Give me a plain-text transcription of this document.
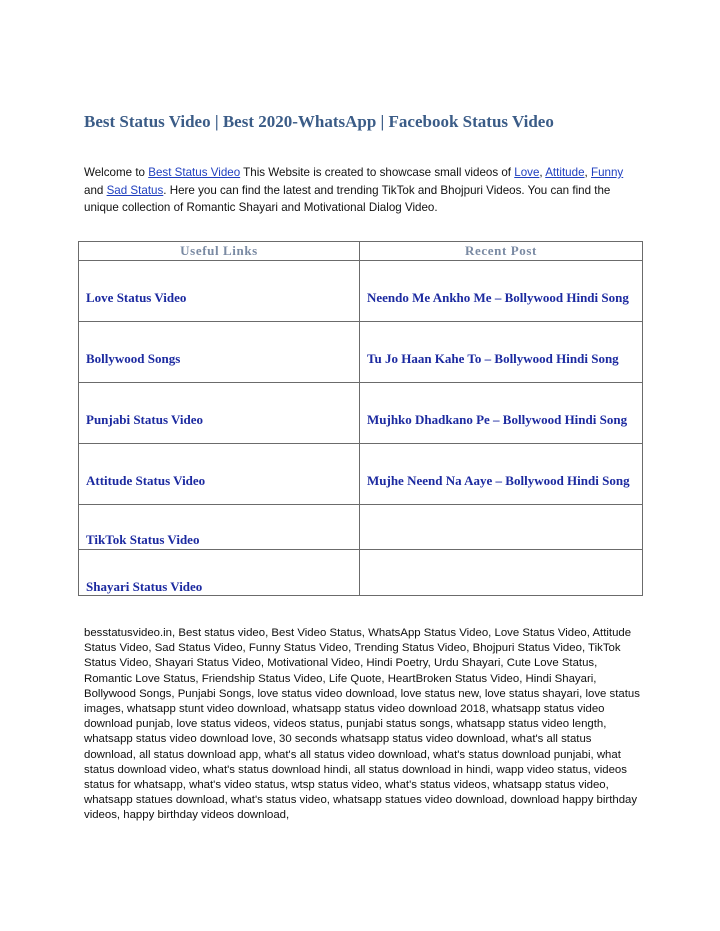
Best Status Video | Best 2020-WhatsApp | Facebook Status Video

Welcome to Best Status Video This Website is created to showcase small videos of Love, Attitude, Funny and Sad Status. Here you can find the latest and trending TikTok and Bhojpuri Videos. You can find the unique collection of Romantic Shayari and Motivational Dialog Video.

Useful Links	Recent Post

Love Status Video	Neendo Me Ankho Me – Bollywood Hindi Song

Bollywood Songs	Tu Jo Haan Kahe To – Bollywood Hindi Song

Punjabi Status Video	Mujhko Dhadkano Pe – Bollywood Hindi Song

Attitude Status Video	Mujhe Neend Na Aaye – Bollywood Hindi Song

TikTok Status Video	

Shayari Status Video	

besstatusvideo.in, Best status video, Best Video Status, WhatsApp Status Video, Love Status Video, Attitude Status Video, Sad Status Video, Funny Status Video, Trending Status Video, Bhojpuri Status Video, TikTok Status Video, Shayari Status Video, Motivational Video, Hindi Poetry, Urdu Shayari, Cute Love Status, Romantic Love Status, Friendship Status Video, Life Quote, HeartBroken Status Video, Hindi Shayari, Bollywood Songs, Punjabi Songs, love status video download, love status new, love status shayari, love status images, whatsapp stunt video download, whatsapp status video download 2018, whatsapp status video download punjab, love status videos, videos status, punjabi status songs, whatsapp status video length, whatsapp status video download love, 30 seconds whatsapp status video download, what's all status download, all status download app, what's all status video download, what's status download punjabi, what status download video, what's status download hindi, all status download in hindi, wapp video status, videos status for whatsapp, what's video status, wtsp status video, what's status videos, whatsapp status video, whatsapp statues download, what's status video, whatsapp statues video download, download happy birthday videos, happy birthday videos download,
